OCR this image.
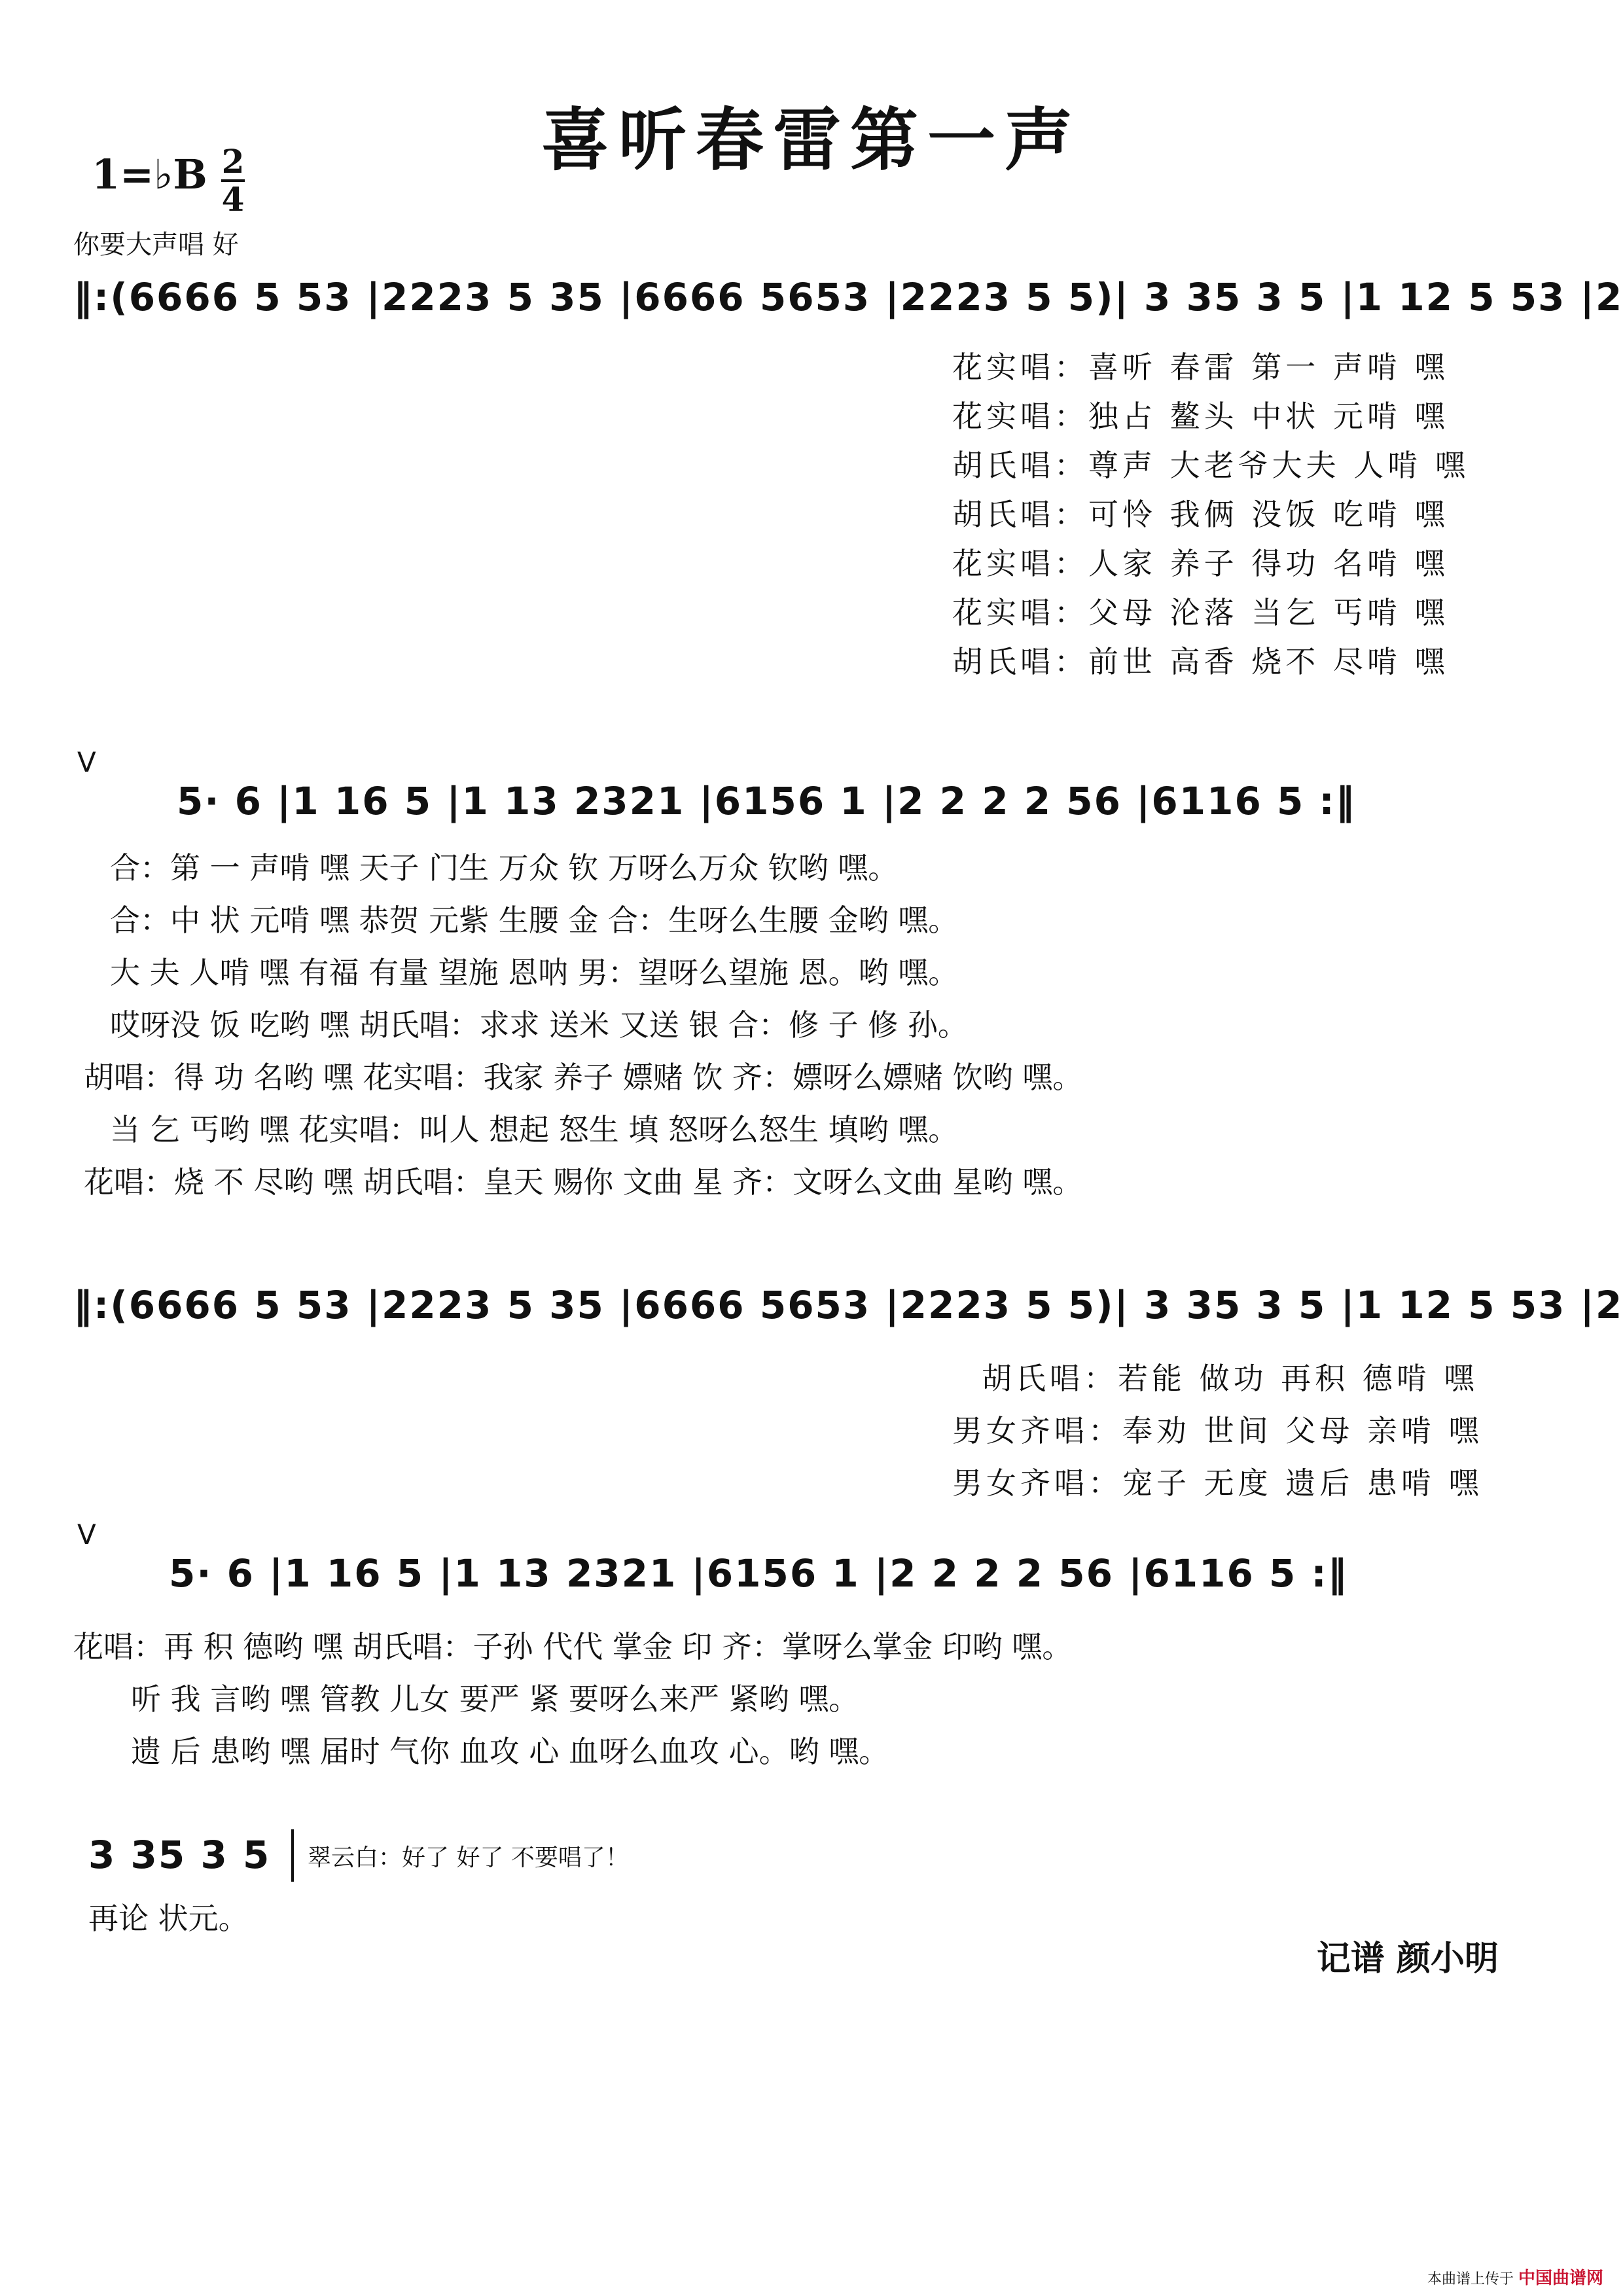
喜听春雷第一声
1=♭B 2
4
你要大声唱 好
‖:(6666 5 53 |2223 5 35 |6666 5653 |2223 5 5)| 3 35 3 5 |1 12 5 53 |2
花实唱：喜听 春雷 第一 声啃 嘿
花实唱：独占 鳌头 中状 元啃 嘿
胡氏唱：尊声 大老爷大夫 人啃 嘿
胡氏唱：可怜 我俩 没饭 吃啃 嘿
花实唱：人家 养子 得功 名啃 嘿
花实唱：父母 沦落 当乞 丐啃 嘿
胡氏唱：前世 高香 烧不 尽啃 嘿
V
5· 6 |1 16 5 |1 13 2321 |6156 1 |2 2 2 2 56 |6116 5 :‖
合：第 一 声啃 嘿 天子 门生 万众 钦 万呀么万众 钦哟 嘿。
合：中 状 元啃 嘿 恭贺 元紫 生腰 金 合：生呀么生腰 金哟 嘿。
大 夫 人啃 嘿 有福 有量 望施 恩呐 男：望呀么望施 恩。哟 嘿。
哎呀没 饭 吃哟 嘿 胡氏唱：求求 送米 又送 银 合：修 子 修 孙。
胡唱：得 功 名哟 嘿 花实唱：我家 养子 嫖赌 饮 齐：嫖呀么嫖赌 饮哟 嘿。
当 乞 丐哟 嘿 花实唱：叫人 想起 怒生 填 怒呀么怒生 填哟 嘿。
花唱：烧 不 尽哟 嘿 胡氏唱：皇天 赐你 文曲 星 齐：文呀么文曲 星哟 嘿。
‖:(6666 5 53 |2223 5 35 |6666 5653 |2223 5 5)| 3 35 3 5 |1 12 5 53 |2
胡氏唱：若能 做功 再积 德啃 嘿
男女齐唱：奉劝 世间 父母 亲啃 嘿
男女齐唱：宠子 无度 遗后 患啃 嘿
V
5· 6 |1 16 5 |1 13 2321 |6156 1 |2 2 2 2 56 |6116 5 :‖
花唱：再 积 德哟 嘿 胡氏唱：子孙 代代 掌金 印 齐：掌呀么掌金 印哟 嘿。
听 我 言哟 嘿 管教 儿女 要严 紧 要呀么来严 紧哟 嘿。
遗 后 患哟 嘿 届时 气你 血攻 心 血呀么血攻 心。哟 嘿。
3 35 3 5 翠云白：好了 好了 不要唱了！
再论 状元。
记谱 颜小明
本曲谱上传于 中国曲谱网
